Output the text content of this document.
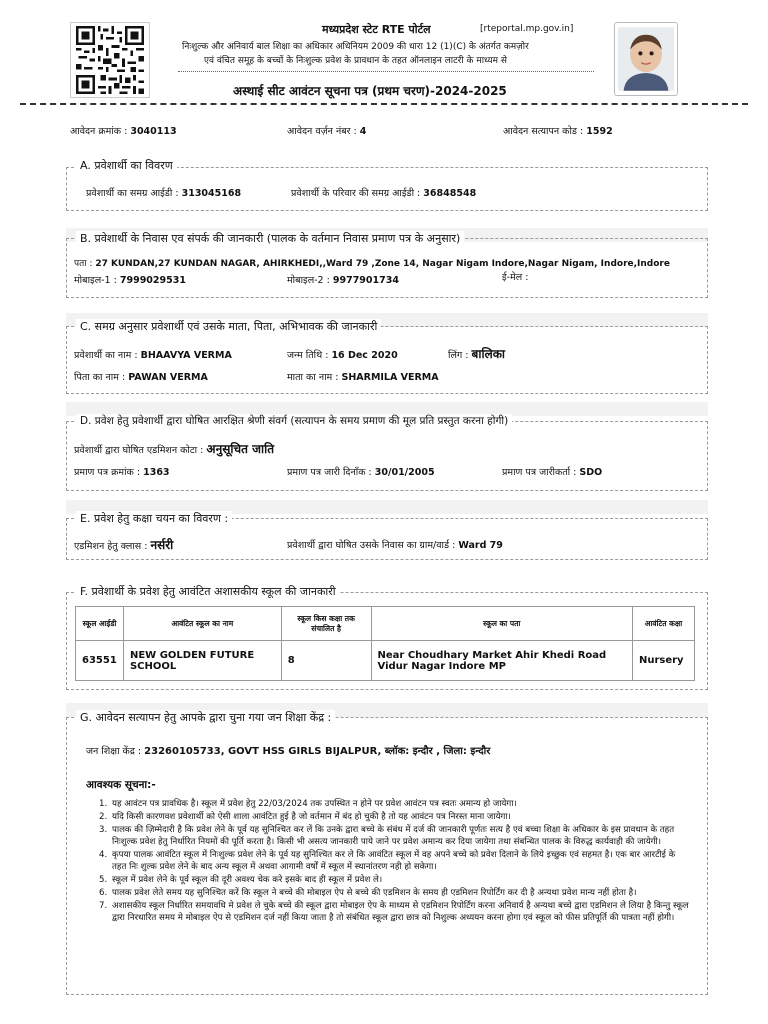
मध्यप्रदेश स्टेट RTE पोर्टल	[rteportal.mp.gov.in]
निःशुल्क और अनिवार्य बाल शिक्षा का अधिकार अधिनियम 2009 की धारा 12 (1)(C) के अंतर्गत कमज़ोर
एवं वंचित समूह के बच्चों के निःशुल्क प्रवेश के प्रावधान के तहत ऑनलाइन लाटरी के माध्यम से
अस्थाई सीट आवंटन सूचना पत्र (प्रथम चरण)-2024-2025
आवेदन क्रमांक : 3040113	आवेदन वर्ज़न नंबर : 4	आवेदन सत्यापन कोड : 1592
A. प्रवेशार्थी का विवरण
प्रवेशार्थी का समग्र आईडी : 313045168	प्रवेशार्थी के परिवार की समग्र आईडी : 36848548
B. प्रवेशार्थी के निवास एव संपर्क की जानकारी (पालक के वर्तमान निवास प्रमाण पत्र के अनुसार)
पता : 27 KUNDAN,27 KUNDAN NAGAR, AHIRKHEDI,,Ward 79 ,Zone 14, Nagar Nigam Indore,Nagar Nigam, Indore,Indore
मोबाइल-1 : 7999029531	मोबाइल-2 : 9977901734	ई-मेल :
C. समग्र अनुसार प्रवेशार्थी एवं उसके माता, पिता, अभिभावक की जानकारी
प्रवेशार्थी का नाम : BHAAVYA VERMA	जन्म तिथि : 16 Dec 2020	लिंग : बालिका
पिता का नाम : PAWAN VERMA	माता का नाम : SHARMILA VERMA
D. प्रवेश हेतु प्रवेशार्थी द्वारा घोषित आरक्षित श्रेणी संवर्ग (सत्यापन के समय प्रमाण की मूल प्रति प्रस्तुत करना होगी)
प्रवेशार्थी द्वारा घोषित एडमिशन कोटा : अनुसूचित जाति
प्रमाण पत्र क्रमांक : 1363	प्रमाण पत्र जारी दिनाँक : 30/01/2005	प्रमाण पत्र जारीकर्ता : SDO
E. प्रवेश हेतु कक्षा चयन का विवरण :
एडमिशन हेतु क्लास : नर्सरी	प्रवेशार्थी द्वारा घोषित उसके निवास का ग्राम/वार्ड : Ward 79
F. प्रवेशार्थी के प्रवेश हेतु आवंटित अशासकीय स्कूल की जानकारी
स्कूल आईडी	आवंटित स्कूल का नाम	स्कूल किस कक्षा तक संचालित है	स्कूल का पता	आवंटित कक्षा
63551	NEW GOLDEN FUTURE SCHOOL	8	Near Choudhary Market Ahir Khedi Road Vidur Nagar Indore MP	Nursery
G. आवेदन सत्यापन हेतु आपके द्वारा चुना गया जन शिक्षा केंद्र :
जन शिक्षा केंद्र : 23260105733, GOVT HSS GIRLS BIJALPUR, ब्लॉक: इन्दौर , जिला: इन्दौर
आवश्यक सूचना:-
1. यह आवंटन पत्र प्रावधिक है। स्कूल में प्रवेश हेतु 22/03/2024 तक उपस्थित न होने पर प्रवेश आवंटन पत्र स्वतः अमान्य हो जायेगा।
2. यदि किसी कारणवश प्रवेशार्थी को ऐसी शाला आवंटित हुई है जो वर्तमान में बंद हो चुकी है तो यह आवंटन पत्र निरस्त माना जायेगा।
3. पालक की ज़िम्मेदारी है कि प्रवेश लेने के पूर्व यह सुनिश्चित कर लें कि उनके द्वारा बच्चे के संबंध में दर्ज की जानकारी पूर्णतः सत्य है एवं बच्चा शिक्षा के अधिकार के इस प्रावधान के तहत निःशुल्क प्रवेश हेतु निर्धारित नियमों की पूर्ति करता है। किसी भी असत्य जानकारी पाये जाने पर प्रवेश अमान्य कर दिया जायेगा तथा संबन्धित पालक के विरुद्ध कार्यवाही की जायेगी।
4. कृपया पालक आवंटित स्कूल में निःशुल्क प्रवेश लेने के पूर्व यह सुनिश्चित कर ले कि आवंटित स्कूल में वह अपने बच्चे को प्रवेश दिलाने के लिये इच्छुक एवं सहमत है। एक बार आरटीई के तहत निः शुल्क प्रवेश लेने के बाद अन्य स्कूल में अथवा आगामी वर्षों में स्कूल में स्थानांतरण नही हो सकेगा।
5. स्कूल में प्रवेश लेने के पूर्व स्कूल की दूरी अवश्य चेक करे इसके बाद ही स्कूल में प्रवेश ले।
6. पालक प्रवेश लेते समय यह सुनिश्चित करें कि स्कूल ने बच्चे की मोबाइल ऐप से बच्चे की एडमिशन के समय ही एडमिशन रिपोर्टिंग कर दी है अन्यथा प्रवेश मान्य नहीं होता है।
7. अशासकीय स्कूल निर्धारित समयावधि मे प्रवेश ले चुके बच्चे की स्कूल द्वारा मोबाइल ऐप के माध्यम से एडमिशन रिपोर्टिंग करना अनिवार्य है अन्यथा बच्चे द्वारा एडमिशन ले लिया है किन्तु स्कूल द्वारा निरधारित समय मे मोबाइल ऐप से एडमिशन दर्ज नहीं किया जाता है तो संबंधित स्कूल द्वारा छात्र को निशुल्क अध्ययन करना होगा एवं स्कूल को फीस प्रतिपूर्ति की पात्रता नहीं होगी।
